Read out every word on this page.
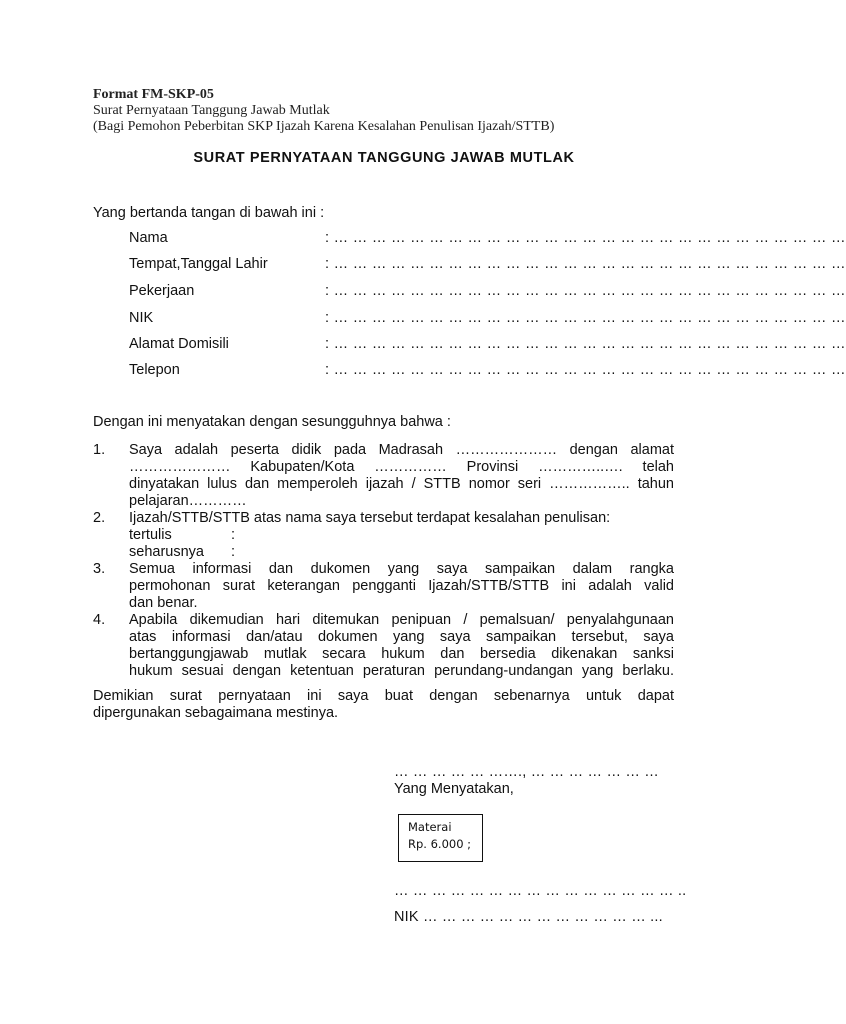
Format FM-SKP-05
Surat Pernyataan Tanggung Jawab Mutlak
(Bagi Pemohon Peberbitan SKP Ijazah Karena Kesalahan Penulisan Ijazah/STTB)
SURAT PERNYATAAN TANGGUNG JAWAB MUTLAK
Yang bertanda tangan di bawah ini :
Nama	: … … … … … … … … … … … … … … … … … … … … … … … … … … …
Tempat,Tanggal Lahir	: … … … … … … … … … … … … … … … … … … … … … … … … … … …
Pekerjaan	: … … … … … … … … … … … … … … … … … … … … … … … … … … …
NIK	: … … … … … … … … … … … … … … … … … … … … … … … … … … …
Alamat Domisili	: … … … … … … … … … … … … … … … … … … … … … … … … … … …
Telepon	: … … … … … … … … … … … … … … … … … … … … … … … … … … …
Dengan ini menyatakan dengan sesungguhnya bahwa :
1. Saya adalah peserta didik pada Madrasah ………………… dengan alamat
………………… Kabupaten/Kota …………… Provinsi …………..…. telah
dinyatakan lulus dan memperoleh ijazah / STTB nomor seri …………….. tahun
pelajaran…………
2. Ijazah/STTB/STTB atas nama saya tersebut terdapat kesalahan penulisan:
tertulis	:
seharusnya :
3. Semua informasi dan dukomen yang saya sampaikan dalam rangka
permohonan surat keterangan pengganti Ijazah/STTB/STTB ini adalah valid
dan benar.
4. Apabila dikemudian hari ditemukan penipuan / pemalsuan/ penyalahgunaan
atas informasi dan/atau dokumen yang saya sampaikan tersebut, saya
bertanggungjawab mutlak secara hukum dan bersedia dikenakan sanksi
hukum sesuai dengan ketentuan peraturan perundang-undangan yang berlaku.
Demikian surat pernyataan ini saya buat dengan sebenarnya untuk dapat
dipergunakan sebagaimana mestinya.
… … … … … ……., … … … … … … …
Yang Menyatakan,
Materai
Rp. 6.000 ;
… … … … … … … … … … … … … … … ..
NIK … … … … … … … … … … … … ...
